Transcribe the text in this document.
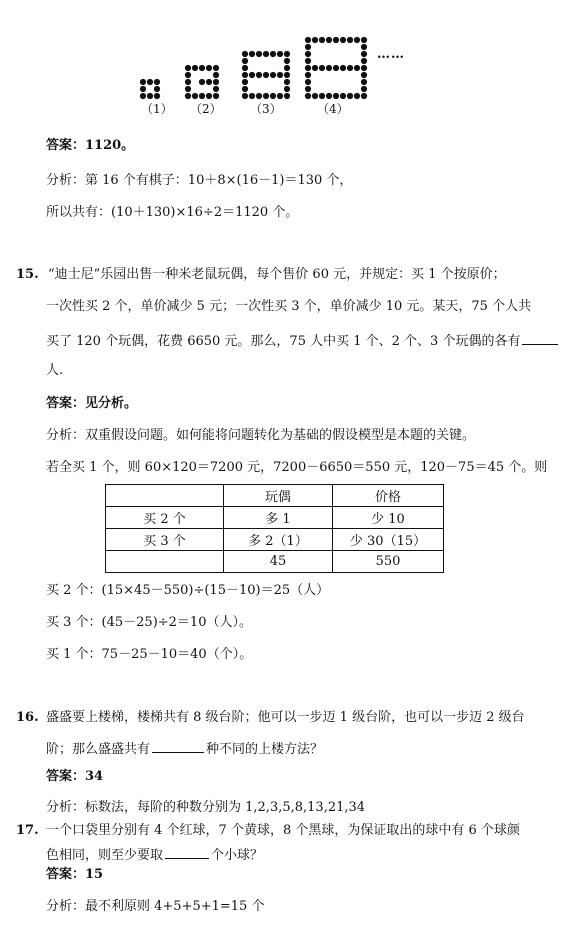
（1） （2） （3）	（4）
……
答案：1120。
分析：第 16 个有棋子：10＋8×(16－1)＝130 个，
所以共有：(10＋130)×16÷2＝1120 个。
15. “迪士尼”乐园出售一种米老鼠玩偶，每个售价 60 元，并规定：买 1 个按原价；
一次性买 2 个，单价减少 5 元；一次性买 3 个，单价减少 10 元。某天，75 个人共
买了 120 个玩偶，花费 6650 元。那么，75 人中买 1 个、2 个、3 个玩偶的各有
人.
答案：见分析。
分析：双重假设问题。如何能将问题转化为基础的假设模型是本题的关键。
若全买 1 个，则 60×120＝7200 元，7200－6650＝550 元，120－75＝45 个。则
	玩偶	价格
买 2 个	多 1	少 10
买 3 个	多 2（1）	少 30（15）
	45	550
买 2 个：(15×45－550)÷(15－10)＝25（人）
买 3 个：(45－25)÷2＝10（人）。
买 1 个：75－25－10＝40（个）。
16. 盛盛要上楼梯，楼梯共有 8 级台阶；他可以一步迈 1 级台阶，也可以一步迈 2 级台
阶；那么盛盛共有	种不同的上楼方法？
答案：34
分析：标数法，每阶的种数分别为 1,2,3,5,8,13,21,34
17. 一个口袋里分别有 4 个红球，7 个黄球，8 个黑球，为保证取出的球中有 6 个球颜
色相同，则至少要取	个小球？
答案：15
分析：最不利原则 4+5+5+1=15 个
